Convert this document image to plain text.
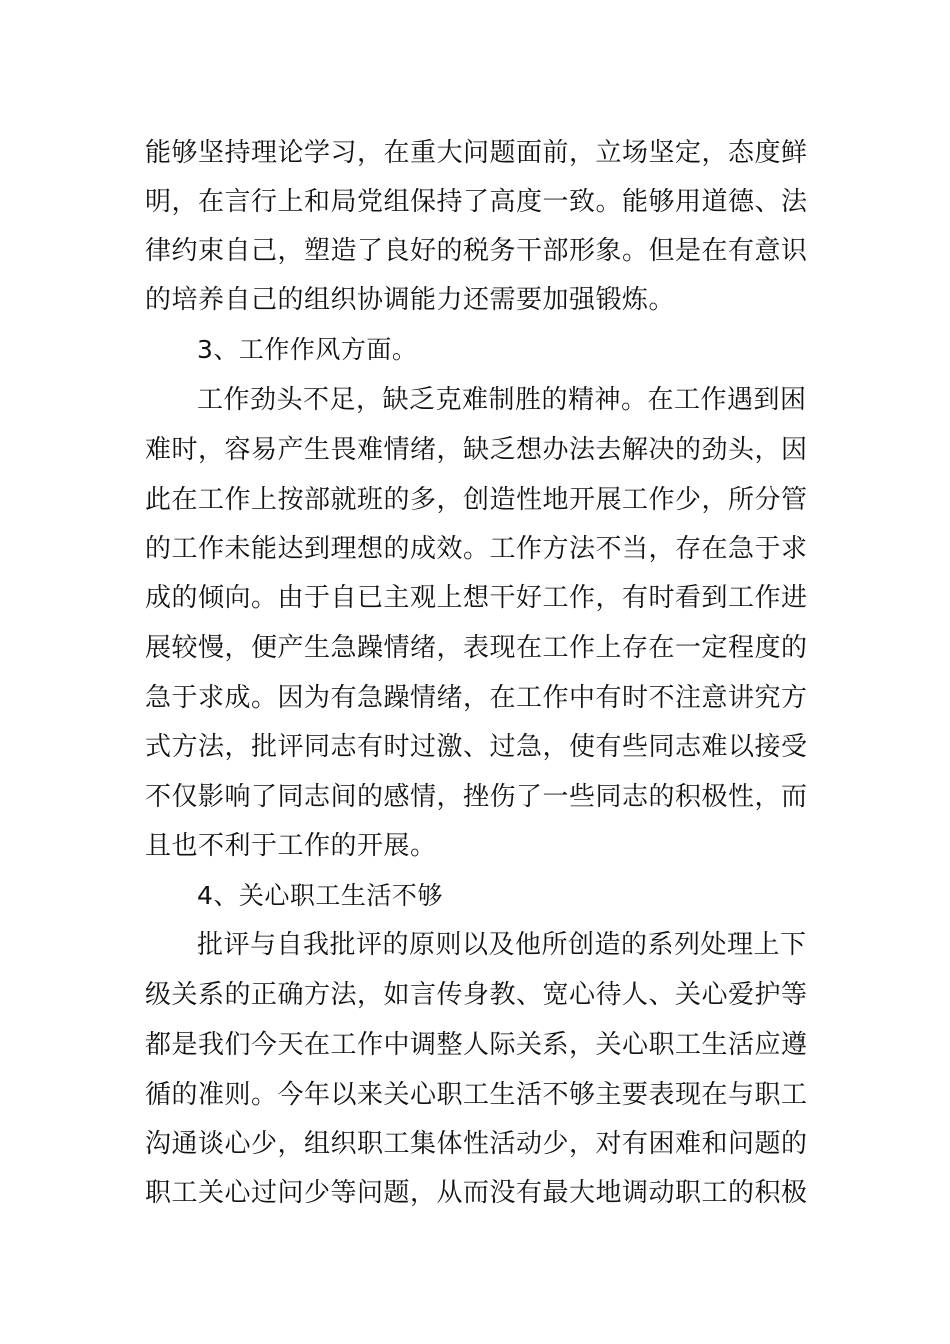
能够坚持理论学习，在重大问题面前，立场坚定，态度鲜
明，在言行上和局党组保持了高度一致。能够用道德、法
律约束自己，塑造了良好的税务干部形象。但是在有意识
的培养自己的组织协调能力还需要加强锻炼。
3、工作作风方面。
工作劲头不足，缺乏克难制胜的精神。在工作遇到困
难时，容易产生畏难情绪，缺乏想办法去解决的劲头，因
此在工作上按部就班的多，创造性地开展工作少，所分管
的工作未能达到理想的成效。工作方法不当，存在急于求
成的倾向。由于自已主观上想干好工作，有时看到工作进
展较慢，便产生急躁情绪，表现在工作上存在一定程度的
急于求成。因为有急躁情绪，在工作中有时不注意讲究方
式方法，批评同志有时过激、过急，使有些同志难以接受
不仅影响了同志间的感情，挫伤了一些同志的积极性，而
且也不利于工作的开展。
4、关心职工生活不够
批评与自我批评的原则以及他所创造的系列处理上下
级关系的正确方法，如言传身教、宽心待人、关心爱护等
都是我们今天在工作中调整人际关系，关心职工生活应遵
循的准则。今年以来关心职工生活不够主要表现在与职工
沟通谈心少，组织职工集体性活动少，对有困难和问题的
职工关心过问少等问题，从而没有最大地调动职工的积极
